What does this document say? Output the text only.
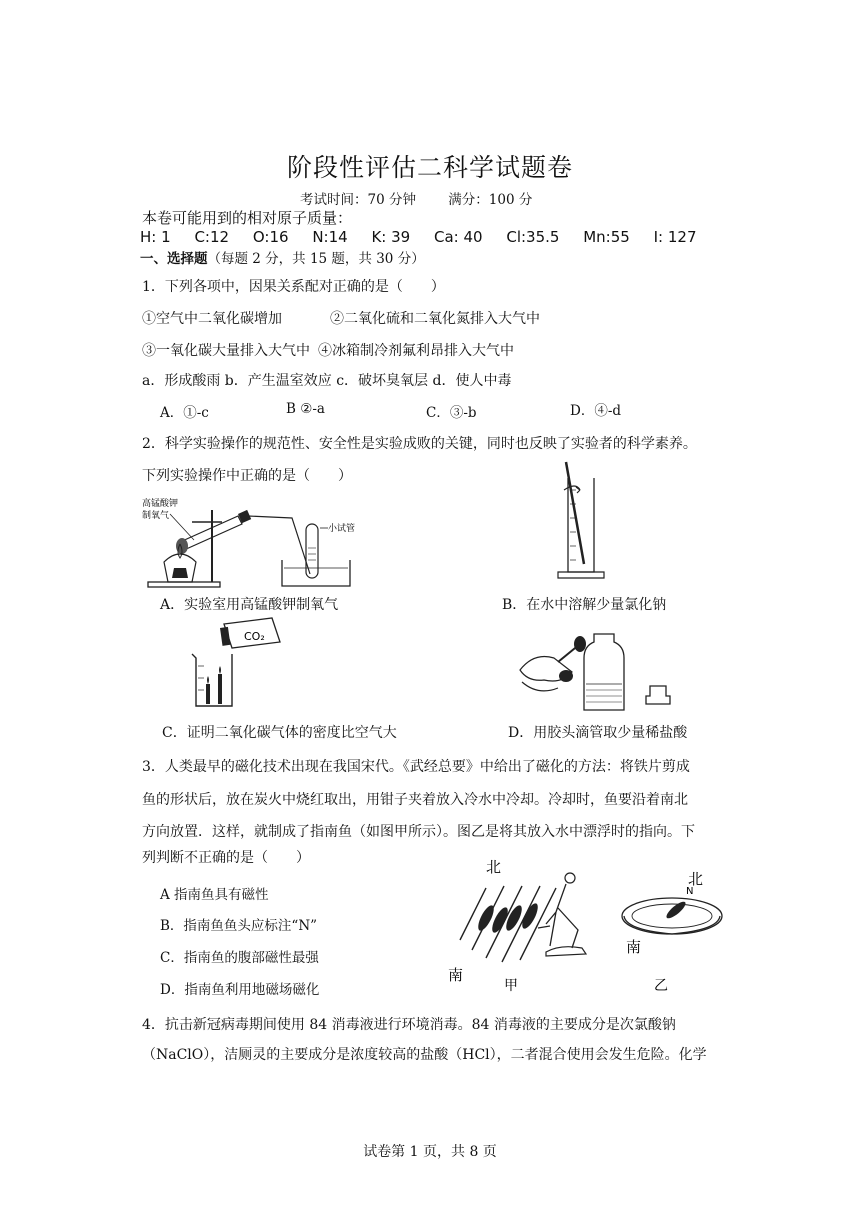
阶段性评估二科学试题卷
考试时间：70 分钟 满分：100 分
本卷可能用到的相对原子质量：
H: 1 C:12 O:16 N:14 K: 39 Ca: 40 Cl:35.5 Mn:55 I: 127
一、选择题（每题 2 分，共 15 题，共 30 分）
1．下列各项中，因果关系配对正确的是（　　）
①空气中二氧化碳增加	②二氧化硫和二氧化氮排入大气中
③一氧化碳大量排入大气中 ④冰箱制冷剂氟利昂排入大气中
a．形成酸雨 b．产生温室效应 c．破坏臭氧层 d．使人中毒
A．①-c	B ②-a	C．③-b	D．④-d
2．科学实验操作的规范性、安全性是实验成败的关键，同时也反映了实验者的科学素养。
下列实验操作中正确的是（　　）
高锰酸钾
制氧气
小试管
A．实验室用高锰酸钾制氧气	B．在水中溶解少量氯化钠
CO₂
C．证明二氧化碳气体的密度比空气大	D．用胶头滴管取少量稀盐酸
3．人类最早的磁化技术出现在我国宋代。《武经总要》中给出了磁化的方法：将铁片剪成
鱼的形状后，放在炭火中烧红取出，用钳子夹着放入冷水中冷却。冷却时，鱼要沿着南北
方向放置．这样，就制成了指南鱼（如图甲所示）。图乙是将其放入水中漂浮时的指向。下
列判断不正确的是（　　）
A 指南鱼具有磁性
B．指南鱼鱼头应标注“N”
C．指南鱼的腹部磁性最强
D．指南鱼利用地磁场磁化
北
南
甲
北
N
南
乙
4．抗击新冠病毒期间使用 84 消毒液进行环境消毒。84 消毒液的主要成分是次氯酸钠
（NaClO），洁厕灵的主要成分是浓度较高的盐酸（HCl），二者混合使用会发生危险。化学
试卷第 1 页，共 8 页
